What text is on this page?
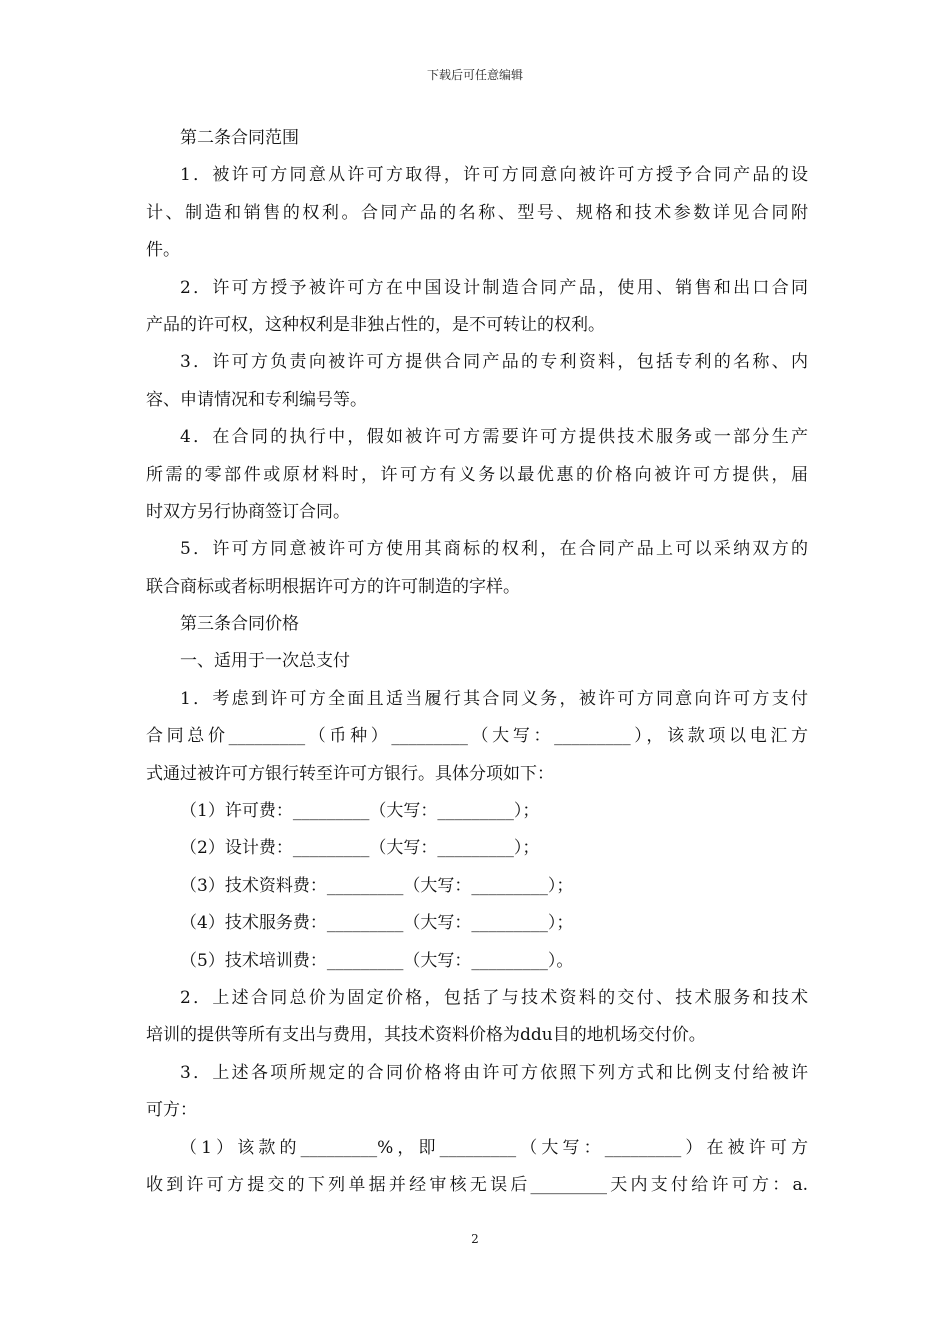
下载后可任意编辑
第二条合同范围
1．被许可方同意从许可方取得，许可方同意向被许可方授予合同产品的设
计、制造和销售的权利。合同产品的名称、型号、规格和技术参数详见合同附
件。
2．许可方授予被许可方在中国设计制造合同产品，使用、销售和出口合同
产品的许可权，这种权利是非独占性的，是不可转让的权利。
3．许可方负责向被许可方提供合同产品的专利资料，包括专利的名称、内
容、申请情况和专利编号等。
4．在合同的执行中，假如被许可方需要许可方提供技术服务或一部分生产
所需的零部件或原材料时，许可方有义务以最优惠的价格向被许可方提供，届
时双方另行协商签订合同。
5．许可方同意被许可方使用其商标的权利，在合同产品上可以采纳双方的
联合商标或者标明根据许可方的许可制造的字样。
第三条合同价格
一、适用于一次总支付
1．考虑到许可方全面且适当履行其合同义务，被许可方同意向许可方支付
合同总价_________（币种）_________（大写：_________），该款项以电汇方
式通过被许可方银行转至许可方银行。具体分项如下：
（1）许可费：_________（大写：_________）；
（2）设计费：_________（大写：_________）；
（3）技术资料费：_________（大写：_________）；
（4）技术服务费：_________（大写：_________）；
（5）技术培训费：_________（大写：_________）。
2．上述合同总价为固定价格，包括了与技术资料的交付、技术服务和技术
培训的提供等所有支出与费用，其技术资料价格为ddu目的地机场交付价。
3．上述各项所规定的合同价格将由许可方依照下列方式和比例支付给被许
可方：
（1）该款的_________%，即_________（大写：_________）在被许可方
收到许可方提交的下列单据并经审核无误后_________天内支付给许可方：a.
2
